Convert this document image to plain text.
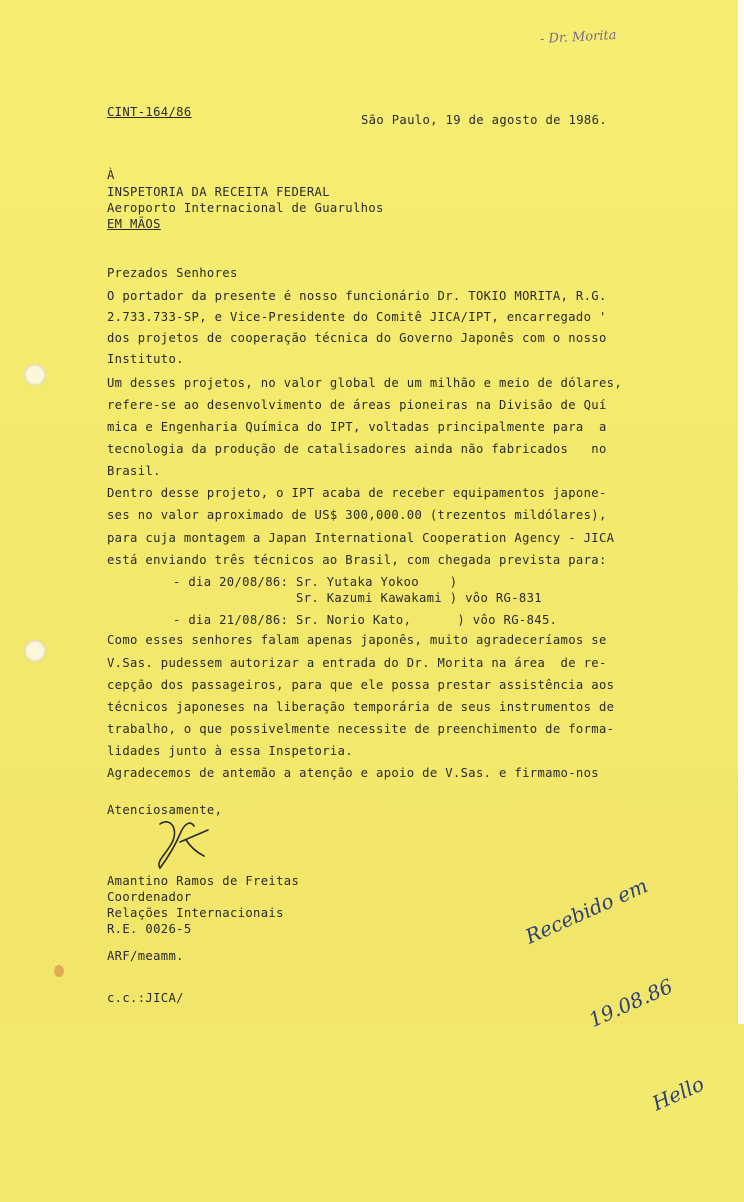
- Dr. Morita
CINT-164/86
São Paulo, 19 de agosto de 1986.
À
INSPETORIA DA RECEITA FEDERAL
Aeroporto Internacional de Guarulhos
EM MÃOS
Prezados Senhores
O portador da presente é nosso funcionário Dr. TOKIO MORITA, R.G.
2.733.733-SP, e Vice-Presidente do Comitê JICA/IPT, encarregado '
dos projetos de cooperação técnica do Governo Japonês com o nosso
Instituto.
Um desses projetos, no valor global de um milhão e meio de dólares,
refere-se ao desenvolvimento de áreas pioneiras na Divisão de Quí
mica e Engenharia Química do IPT, voltadas principalmente para  a
tecnologia da produção de catalisadores ainda não fabricados   no
Brasil.
Dentro desse projeto, o IPT acaba de receber equipamentos japone-
ses no valor aproximado de US$ 300,000.00 (trezentos mildólares),
para cuja montagem a Japan International Cooperation Agency - JICA
está enviando três técnicos ao Brasil, com chegada prevista para:
- dia 20/08/86: Sr. Yutaka Yokoo    )
Sr. Kazumi Kawakami ) vôo RG-831
- dia 21/08/86: Sr. Norio Kato,      ) vôo RG-845.
Como esses senhores falam apenas japonês, muito agradeceríamos se
V.Sas. pudessem autorizar a entrada do Dr. Morita na área  de re-
cepção dos passageiros, para que ele possa prestar assistência aos
técnicos japoneses na liberação temporária de seus instrumentos de
trabalho, o que possivelmente necessite de preenchimento de forma-
lidades junto à essa Inspetoria.
Agradecemos de antemão a atenção e apoio de V.Sas. e firmamo-nos
Atenciosamente,
Amantino Ramos de Freitas
Coordenador
Relações Internacionais
R.E. 0026-5
ARF/meamm.
c.c.:JICA/

Recebido em

19.08.86

Hello
